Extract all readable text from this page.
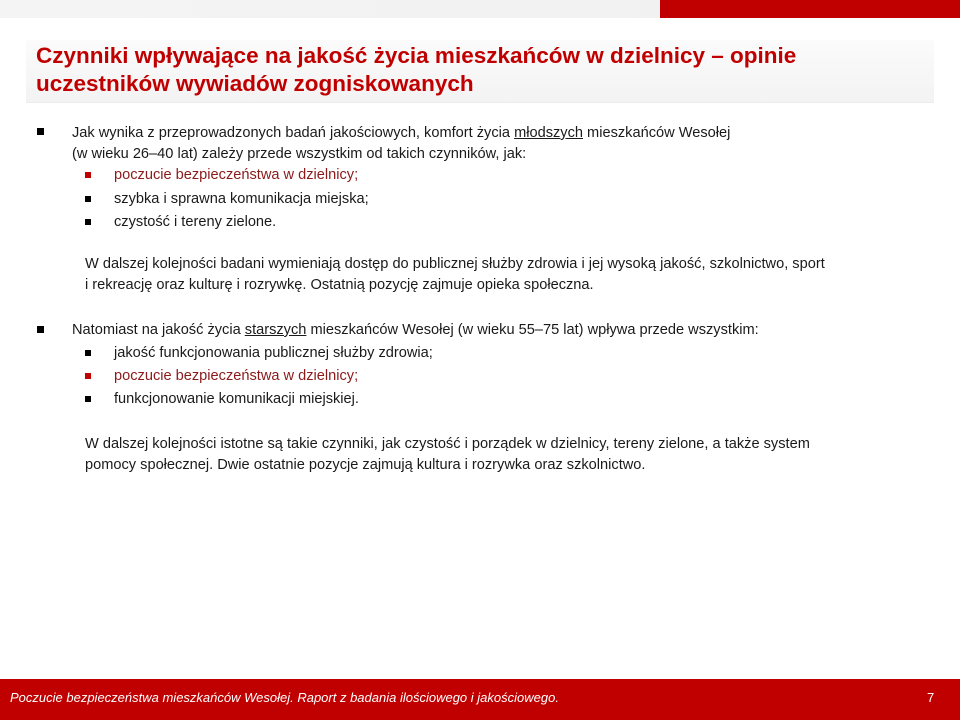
Czynniki wpływające na jakość życia mieszkańców w dzielnicy – opinie uczestników wywiadów zogniskowanych

Jak wynika z przeprowadzonych badań jakościowych, komfort życia młodszych mieszkańców Wesołej

(w wieku 26–40 lat) zależy przede wszystkim od takich czynników, jak:

poczucie bezpieczeństwa w dzielnicy;

szybka i sprawna komunikacja miejska;

czystość i tereny zielone.

W dalszej kolejności badani wymieniają dostęp do publicznej służby zdrowia i jej wysoką jakość, szkolnictwo, sport

i rekreację oraz kulturę i rozrywkę. Ostatnią pozycję zajmuje opieka społeczna.

Natomiast na jakość życia starszych mieszkańców Wesołej (w wieku 55–75 lat) wpływa przede wszystkim:

jakość funkcjonowania publicznej służby zdrowia;

poczucie bezpieczeństwa w dzielnicy;

funkcjonowanie komunikacji miejskiej.

W dalszej kolejności istotne są takie czynniki, jak czystość i porządek w dzielnicy, tereny zielone, a także system

pomocy społecznej. Dwie ostatnie pozycje zajmują kultura i rozrywka oraz szkolnictwo.

Poczucie bezpieczeństwa mieszkańców Wesołej. Raport z badania ilościowego i jakościowego.	7
